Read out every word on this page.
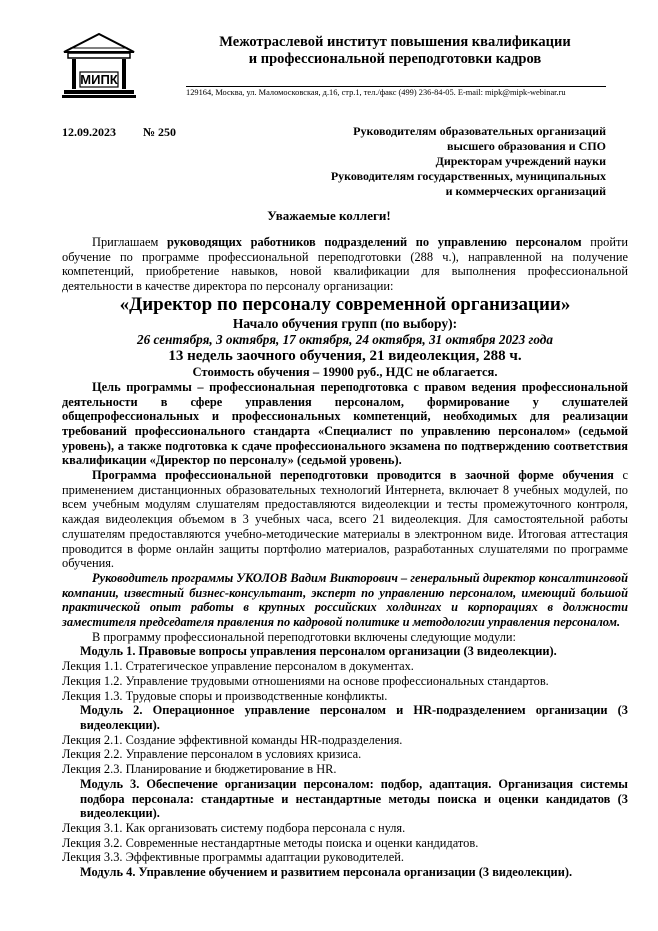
МИПК
Межотраслевой институт повышения квалификации
и профессиональной переподготовки кадров
129164, Москва, ул. Маломосковская, д.16, стр.1, тел./факс (499) 236-84-05. E-mail: mipk@mipk-webinar.ru
12.09.2023 № 250	Руководителям образовательных организаций
высшего образования и СПО
Директорам учреждений науки
Руководителям государственных, муниципальных
и коммерческих организаций
Уважаемые коллеги!

Приглашаем руководящих работников подразделений по управлению персоналом пройти обучение по программе профессиональной переподготовки (288 ч.), направленной на получение компетенций, приобретение навыков, новой квалификации для выполнения профессиональной деятельности в качестве директора по персоналу организации:

«Директор по персоналу современной организации»

Начало обучения групп (по выбору):

26 сентября, 3 октября, 17 октября, 24 октября, 31 октября 2023 года

13 недель заочного обучения, 21 видеолекция, 288 ч.

Стоимость обучения – 19900 руб., НДС не облагается.

Цель программы – профессиональная переподготовка с правом ведения профессиональной деятельности в сфере управления персоналом, формирование у слушателей общепрофессиональных и профессиональных компетенций, необходимых для реализации требований профессионального стандарта «Специалист по управлению персоналом» (седьмой уровень), а также подготовка к сдаче профессионального экзамена по подтверждению соответствия квалификации «Директор по персоналу» (седьмой уровень).

Программа профессиональной переподготовки проводится в заочной форме обучения с применением дистанционных образовательных технологий Интернета, включает 8 учебных модулей, по всем учебным модулям слушателям предоставляются видеолекции и тесты промежуточного контроля, каждая видеолекция объемом в 3 учебных часа, всего 21 видеолекция. Для самостоятельной работы слушателям предоставляются учебно-методические материалы в электронном виде. Итоговая аттестация проводится в форме онлайн защиты портфолио материалов, разработанных слушателями по программе обучения.

Руководитель программы УКОЛОВ Вадим Викторович – генеральный директор консалтинговой компании, известный бизнес-консультант, эксперт по управлению персоналом, имеющий большой практической опыт работы в крупных российских холдингах и корпорациях в должности заместителя председателя правления по кадровой политике и методологии управления персоналом.

В программу профессиональной переподготовки включены следующие модули:

Модуль 1. Правовые вопросы управления персоналом организации (3 видеолекции).

Лекция 1.1. Стратегическое управление персоналом в документах.

Лекция 1.2. Управление трудовыми отношениями на основе профессиональных стандартов.

Лекция 1.3. Трудовые споры и производственные конфликты.

Модуль 2. Операционное управление персоналом и HR-подразделением организации (3 видеолекции).

Лекция 2.1. Создание эффективной команды HR-подразделения.

Лекция 2.2. Управление персоналом в условиях кризиса.

Лекция 2.3. Планирование и бюджетирование в HR.

Модуль 3. Обеспечение организации персоналом: подбор, адаптация. Организация системы подбора персонала: стандартные и нестандартные методы поиска и оценки кандидатов (3 видеолекции).

Лекция 3.1. Как организовать систему подбора персонала с нуля.

Лекция 3.2. Современные нестандартные методы поиска и оценки кандидатов.

Лекция 3.3. Эффективные программы адаптации руководителей.

Модуль 4. Управление обучением и развитием персонала организации (3 видеолекции).
